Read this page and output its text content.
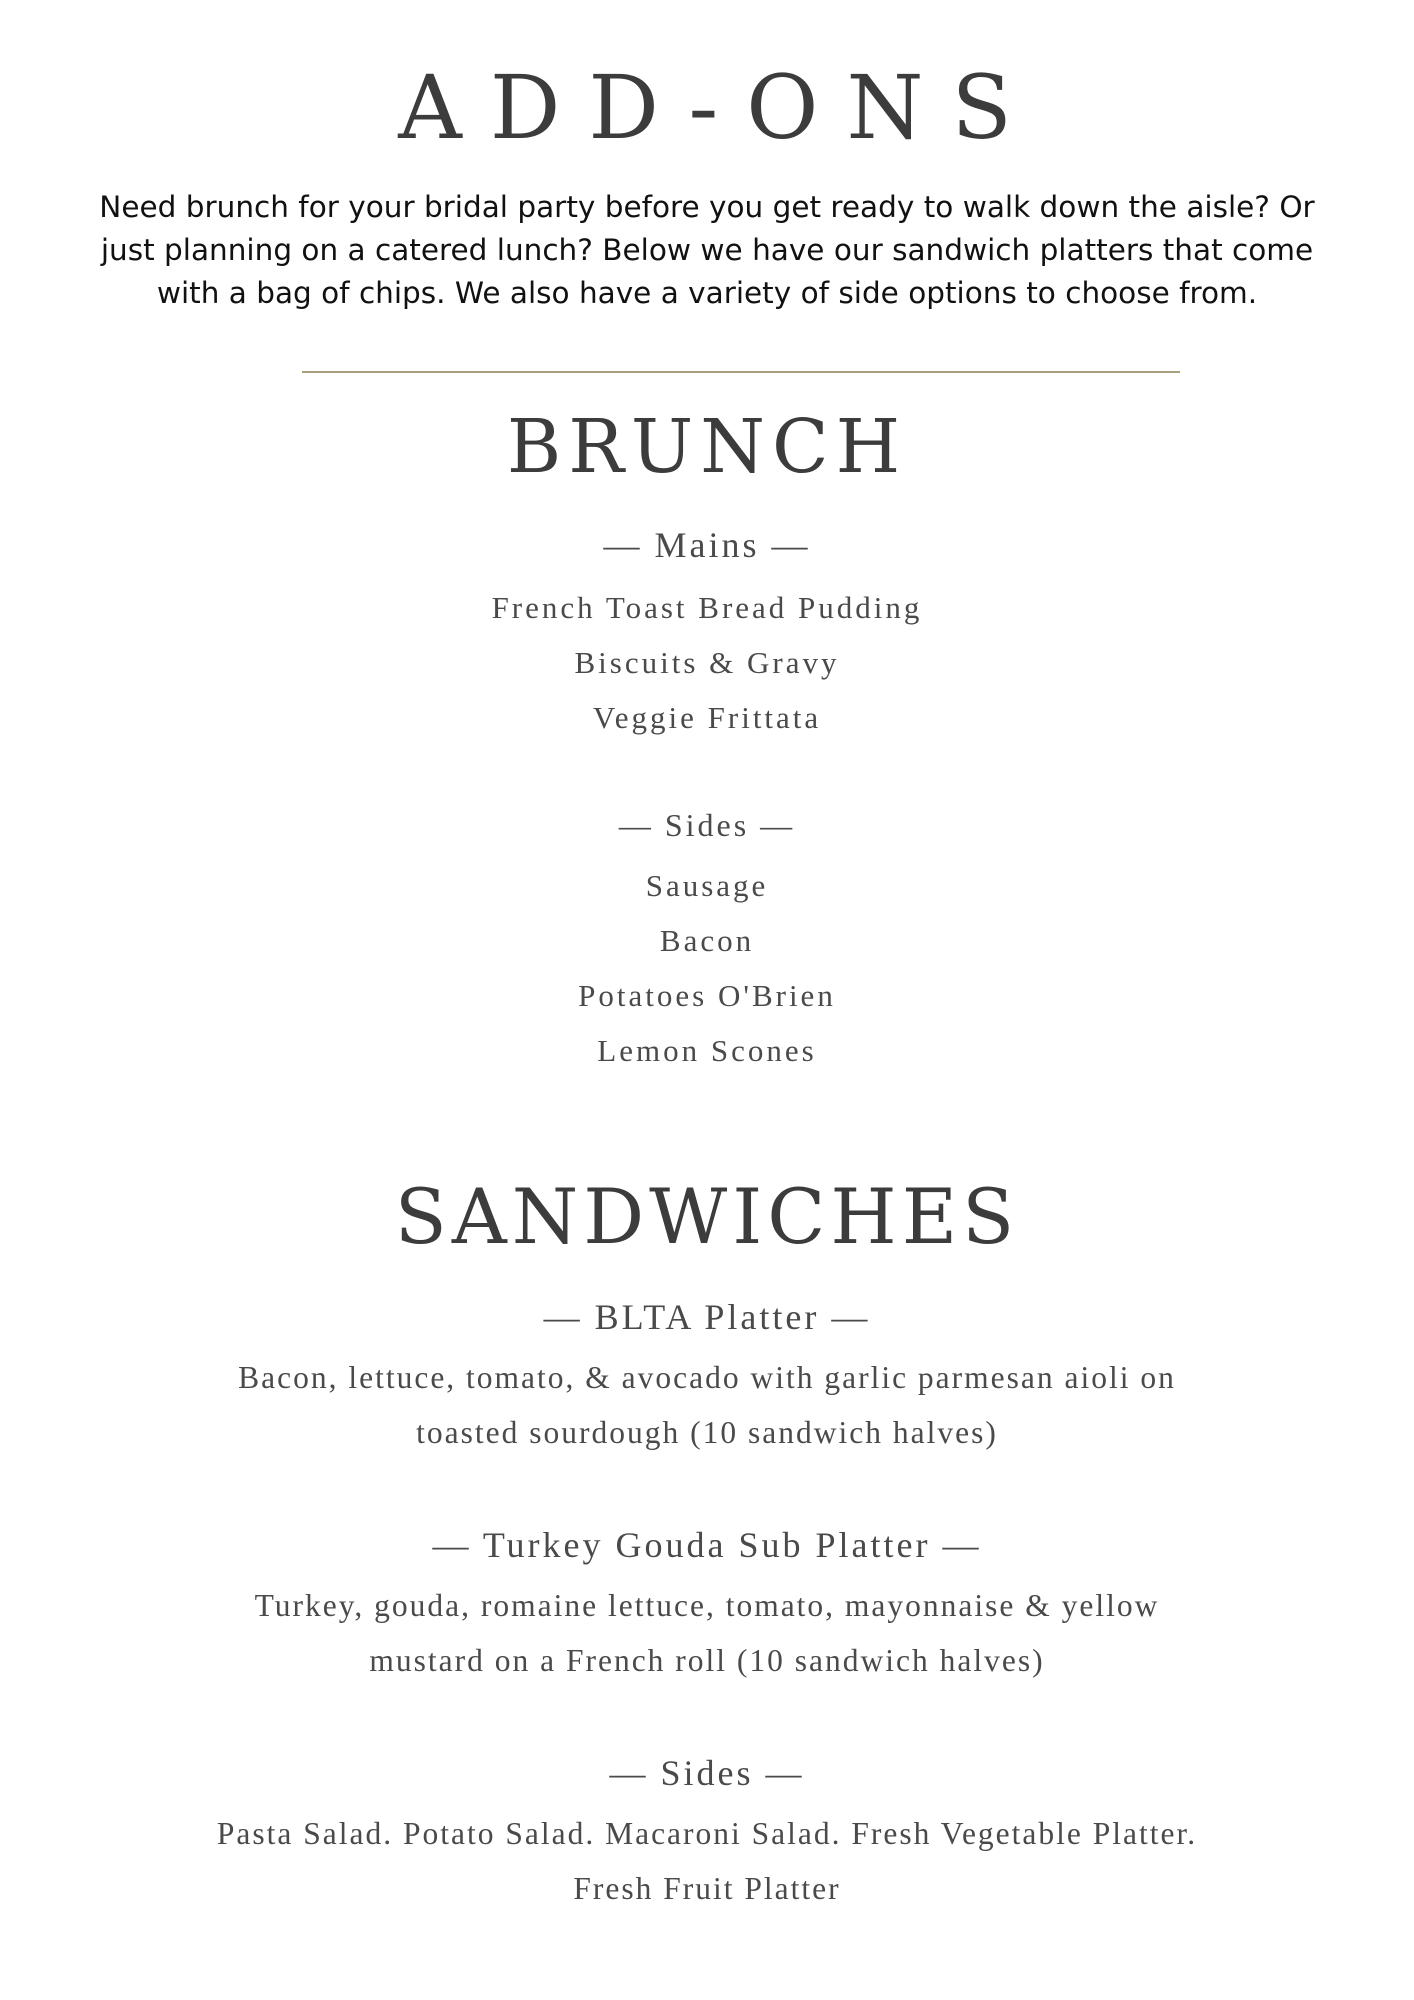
ADD-ONS

Need brunch for your bridal party before you get ready to walk down the aisle? Or just planning on a catered lunch? Below we have our sandwich platters that come with a bag of chips. We also have a variety of side options to choose from.

BRUNCH
— Mains —
French Toast Bread Pudding
Biscuits & Gravy
Veggie Frittata
— Sides —
Sausage
Bacon
Potatoes O'Brien
Lemon Scones
SANDWICHES
— BLTA Platter —

Bacon, lettuce, tomato, & avocado with garlic parmesan aioli on toasted sourdough (10 sandwich halves)

— Turkey Gouda Sub Platter —

Turkey, gouda, romaine lettuce, tomato, mayonnaise & yellow mustard on a French roll (10 sandwich halves)

— Sides —

Pasta Salad. Potato Salad. Macaroni Salad. Fresh Vegetable Platter. Fresh Fruit Platter
